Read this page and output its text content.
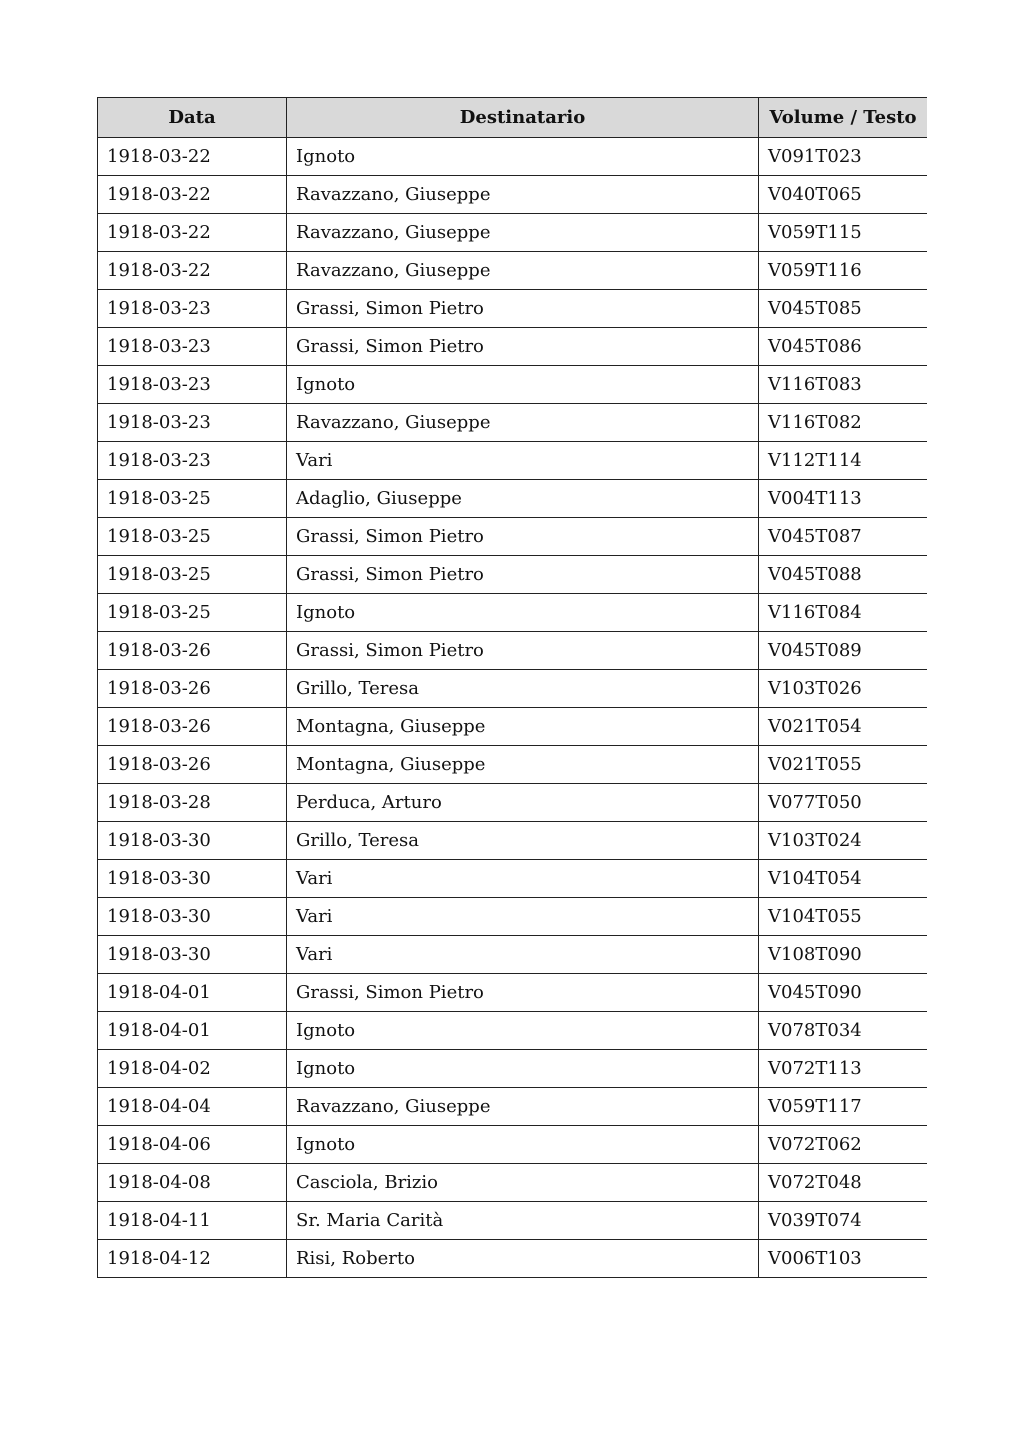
Data	Destinatario	Volume / Testo
1918-03-22	Ignoto	V091T023
1918-03-22	Ravazzano, Giuseppe	V040T065
1918-03-22	Ravazzano, Giuseppe	V059T115
1918-03-22	Ravazzano, Giuseppe	V059T116
1918-03-23	Grassi, Simon Pietro	V045T085
1918-03-23	Grassi, Simon Pietro	V045T086
1918-03-23	Ignoto	V116T083
1918-03-23	Ravazzano, Giuseppe	V116T082
1918-03-23	Vari	V112T114
1918-03-25	Adaglio, Giuseppe	V004T113
1918-03-25	Grassi, Simon Pietro	V045T087
1918-03-25	Grassi, Simon Pietro	V045T088
1918-03-25	Ignoto	V116T084
1918-03-26	Grassi, Simon Pietro	V045T089
1918-03-26	Grillo, Teresa	V103T026
1918-03-26	Montagna, Giuseppe	V021T054
1918-03-26	Montagna, Giuseppe	V021T055
1918-03-28	Perduca, Arturo	V077T050
1918-03-30	Grillo, Teresa	V103T024
1918-03-30	Vari	V104T054
1918-03-30	Vari	V104T055
1918-03-30	Vari	V108T090
1918-04-01	Grassi, Simon Pietro	V045T090
1918-04-01	Ignoto	V078T034
1918-04-02	Ignoto	V072T113
1918-04-04	Ravazzano, Giuseppe	V059T117
1918-04-06	Ignoto	V072T062
1918-04-08	Casciola, Brizio	V072T048
1918-04-11	Sr. Maria Carità	V039T074
1918-04-12	Risi, Roberto	V006T103
